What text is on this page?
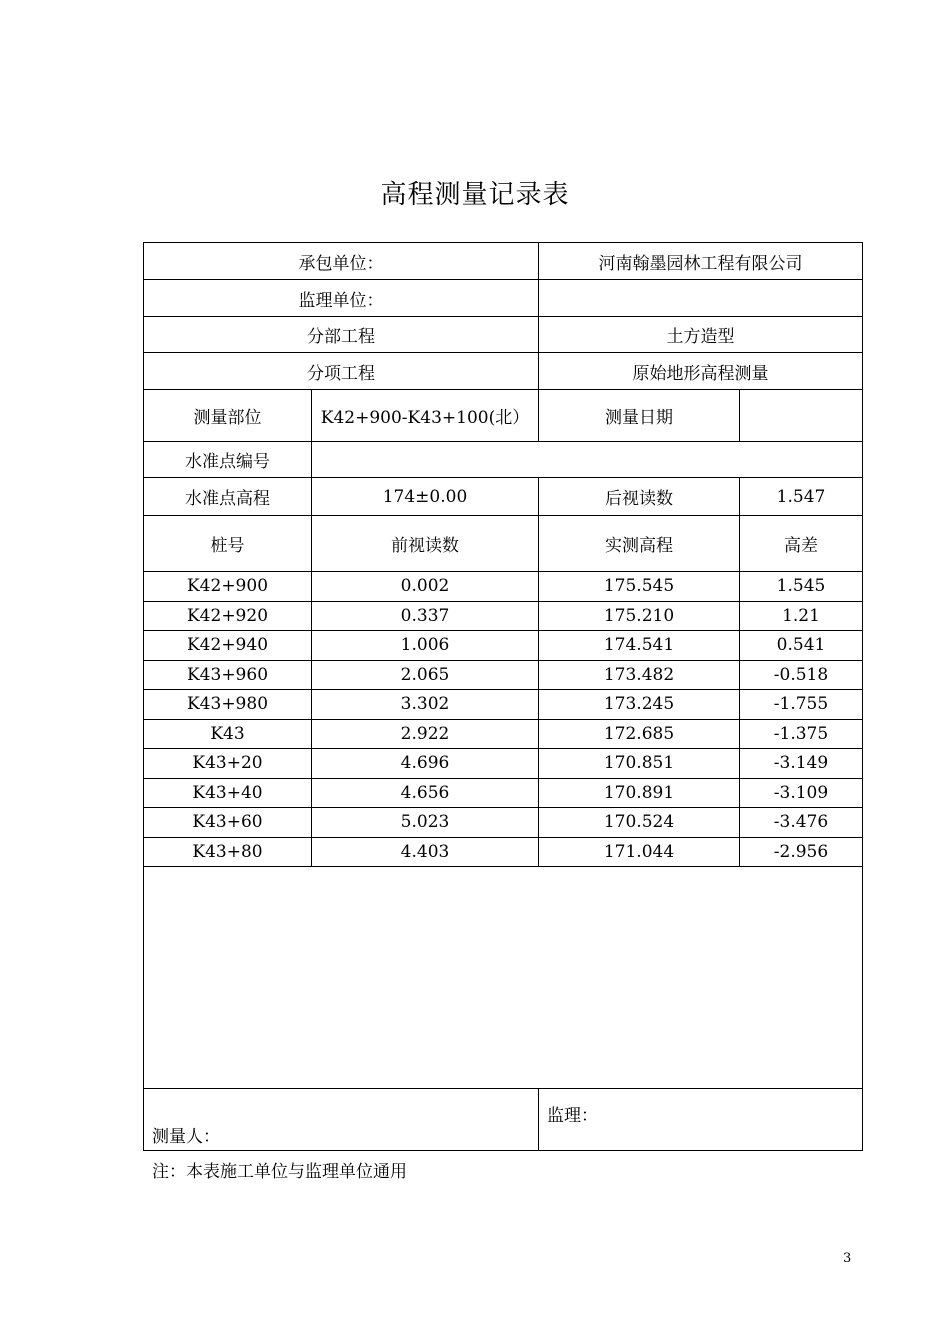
高程测量记录表
承包单位：		河南翰墨园林工程有限公司	
监理单位：			
分部工程		土方造型	
分项工程		原始地形高程测量	
测量部位	K42+900-K43+100(北）	测量日期	
水准点编号			
水准点高程	174±0.00	后视读数	1.547
桩号	前视读数	实测高程	高差
K42+900	0.002	175.545	1.545
K42+920	0.337	175.210	1.21
K42+940	1.006	174.541	0.541
K43+960	2.065	173.482	-0.518
K43+980	3.302	173.245	-1.755
K43	2.922	172.685	-1.375
K43+20	4.696	170.851	-3.149
K43+40	4.656	170.891	-3.109
K43+60	5.023	170.524	-3.476
K43+80	4.403	171.044	-2.956

测量人：		监理：	
注：本表施工单位与监理单位通用
3
